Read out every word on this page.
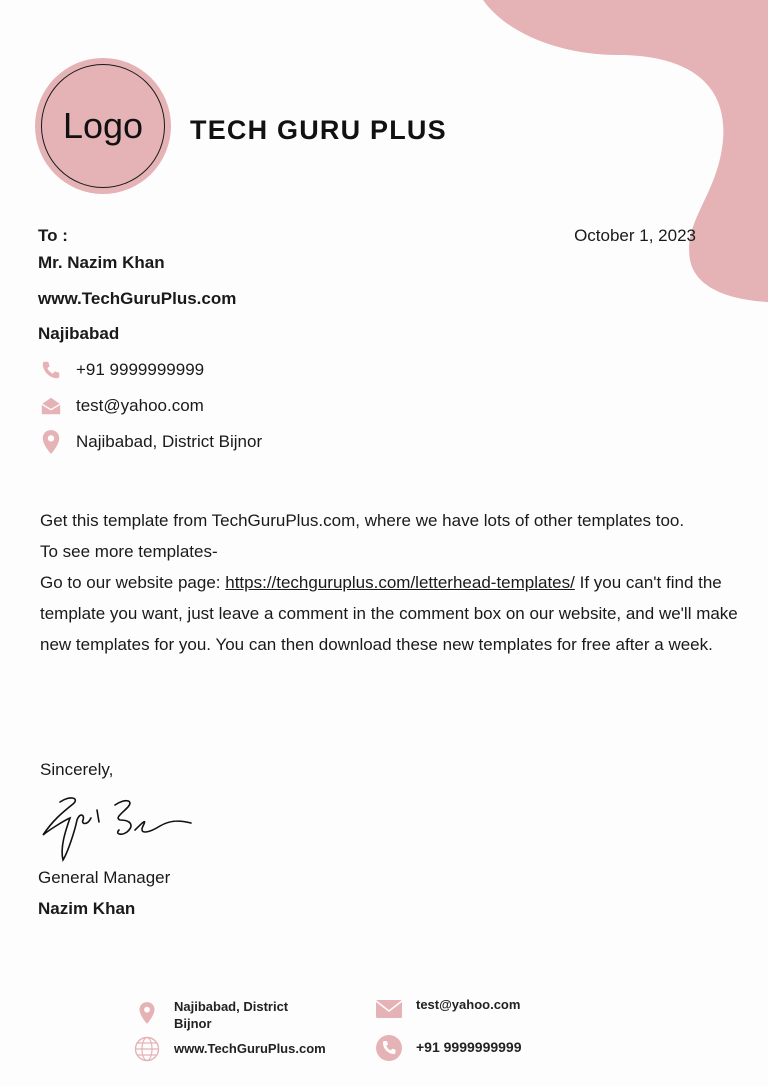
Logo TECH GURU PLUS
To :	October 1, 2023
Mr. Nazim Khan
www.TechGuruPlus.com
Najibabad
+91 9999999999
test@yahoo.com
Najibabad, District Bijnor

Get this template from TechGuruPlus.com, where we have lots of other templates too.

To see more templates-

Go to our website page: https://techguruplus.com/letterhead-templates/ If you can't find the template you want, just leave a comment in the comment box on our website, and we'll make new templates for you. You can then download these new templates for free after a week.

Sincerely,
General Manager
Nazim Khan
Najibabad, District
Bijnor
www.TechGuruPlus.com
test@yahoo.com
+91 9999999999
